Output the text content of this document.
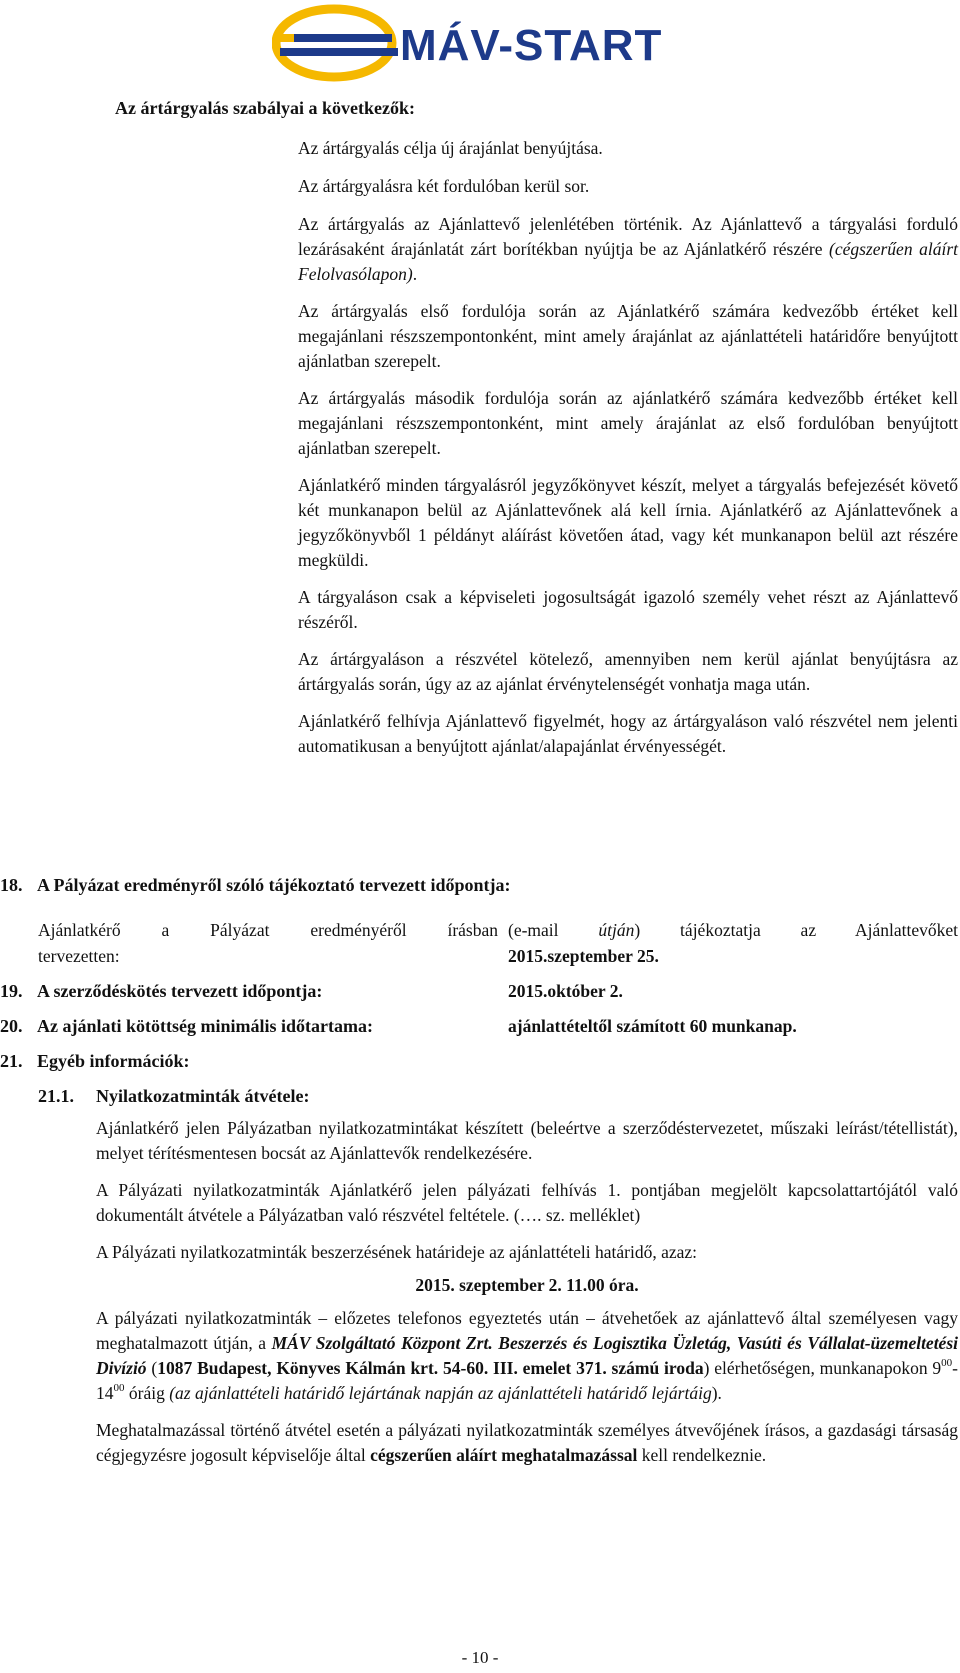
MÁV-START
Az ártárgyalás szabályai a következők:
Az ártárgyalás célja új árajánlat benyújtása.
Az ártárgyalásra két fordulóban kerül sor.

Az ártárgyalás az Ajánlattevő jelenlétében történik. Az Ajánlattevő a tárgyalási forduló lezárásaként árajánlatát zárt borítékban nyújtja be az Ajánlatkérő részére (cégszerűen aláírt Felolvasólapon).

Az ártárgyalás első fordulója során az Ajánlatkérő számára kedvezőbb értéket kell megajánlani részszempontonként, mint amely árajánlat az ajánlattételi határidőre benyújtott ajánlatban szerepelt.

Az ártárgyalás második fordulója során az ajánlatkérő számára kedvezőbb értéket kell megajánlani részszempontonként, mint amely árajánlat az első fordulóban benyújtott ajánlatban szerepelt.

Ajánlatkérő minden tárgyalásról jegyzőkönyvet készít, melyet a tárgyalás befejezését követő két munkanapon belül az Ajánlattevőnek alá kell írnia. Ajánlatkérő az Ajánlattevőnek a jegyzőkönyvből 1 példányt aláírást követően átad, vagy két munkanapon belül azt részére megküldi.

A tárgyaláson csak a képviseleti jogosultságát igazoló személy vehet részt az Ajánlattevő részéről.

Az ártárgyaláson a részvétel kötelező, amennyiben nem kerül ajánlat benyújtásra az ártárgyalás során, úgy az az ajánlat érvénytelenségét vonhatja maga után.

Ajánlatkérő felhívja Ajánlattevő figyelmét, hogy az ártárgyaláson való részvétel nem jelenti automatikusan a benyújtott ajánlat/alapajánlat érvényességét.

18. A Pályázat eredményről szóló tájékoztató tervezett időpontja:
Ajánlatkérő a Pályázat eredményéről írásban
tervezetten:
(e-mail útján) tájékoztatja az Ajánlattevőket
2015.szeptember 25.
19. A szerződéskötés tervezett időpontja:	2015.október 2.
20. Az ajánlati kötöttség minimális időtartama:	ajánlattételtől számított 60 munkanap.
21. Egyéb információk:
21.1. Nyilatkozatminták átvétele:

Ajánlatkérő jelen Pályázatban nyilatkozatmintákat készített (beleértve a szerződéstervezetet, műszaki leírást/tétellistát), melyet térítésmentesen bocsát az Ajánlattevők rendelkezésére.

A Pályázati nyilatkozatminták Ajánlatkérő jelen pályázati felhívás 1. pontjában megjelölt kapcsolattartójától való dokumentált átvétele a Pályázatban való részvétel feltétele. (…. sz. melléklet)

A Pályázati nyilatkozatminták beszerzésének határideje az ajánlattételi határidő, azaz:

2015. szeptember 2. 11.00 óra.

A pályázati nyilatkozatminták – előzetes telefonos egyeztetés után – átvehetőek az ajánlattevő által személyesen vagy meghatalmazott útján, a MÁV Szolgáltató Központ Zrt. Beszerzés és Logisztika Üzletág, Vasúti és Vállalat-üzemeltetési Divízió (1087 Budapest, Könyves Kálmán krt. 54-60. III. emelet 371. számú iroda) elérhetőségen, munkanapokon $9^{00}-14^{00}$ óráig (az ajánlattételi határidő lejártának napján az ajánlattételi határidő lejártáig).

Meghatalmazással történő átvétel esetén a pályázati nyilatkozatminták személyes átvevőjének írásos, a gazdasági társaság cégjegyzésre jogosult képviselője által cégszerűen aláírt meghatalmazással kell rendelkeznie.

- 10 -
